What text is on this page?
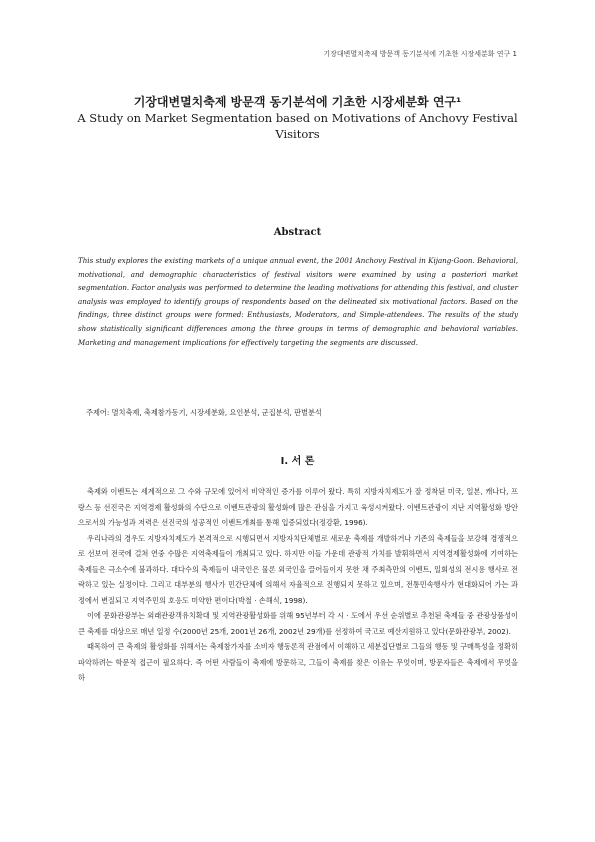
기장대변멸치축제 방문객 동기분석에 기초한 시장세분화 연구 1

기장대변멸치축제 방문객 동기분석에 기초한 시장세분화 연구¹

A Study on Market Segmentation based on Motivations of Anchovy Festival Visitors

Abstract

This study explores the existing markets of a unique annual event, the 2001 Anchovy Festival in Kijang-Goon. Behavioral, motivational, and demographic characteristics of festival visitors were examined by using a posteriori market segmentation. Factor analysis was performed to determine the leading motivations for attending this festival, and cluster analysis was employed to identify groups of respondents based on the delineated six motivational factors. Based on the findings, three distinct groups were formed: Enthusiasts, Moderators, and Simple-attendees. The results of the study show statistically significant differences among the three groups in terms of demographic and behavioral variables. Marketing and management implications for effectively targeting the segments are discussed.

주제어: 멸치축제, 축제참가동기, 시장세분화, 요인분석, 군집분석, 판별분석

Ⅰ. 서 론

축제와 이벤트는 세계적으로 그 수와 규모에 있어서 비약적인 증가를 이루어 왔다. 특히 지방자치제도가 잘 정착된 미국, 일본, 캐나다, 프랑스 등 선진국은 지역경제 활성화의 수단으로 이벤트관광의 활성화에 많은 관심을 가지고 육성시켜왔다. 이벤트관광이 지난 지역활성화 방안으로서의 가능성과 저력은 선진국의 성공적인 이벤트개최를 통해 입증되었다(정강환, 1996).

우리나라의 경우도 지방자치제도가 본격적으로 시행되면서 지방자치단체별로 새로운 축제를 개발하거나 기존의 축제들을 보강해 경쟁적으로 선보여 전국에 걸쳐 연중 수많은 지역축제들이 개최되고 있다. 하지만 이들 가운데 관광적 가치를 발휘하면서 지역경제활성화에 기여하는 축제들은 극소수에 불과하다. 대다수의 축제들이 내국인은 물론 외국인을 끌어들이지 못한 채 주최측만의 이벤트, 일회성의 전시용 행사로 전락하고 있는 실정이다. 그리고 대부분의 행사가 민간단체에 의해서 자율적으로 진행되지 못하고 있으며, 전통민속행사가 현대화되어 가는 과정에서 변질되고 지역주민의 호응도 미약한 편이다(박철 · 손해식, 1998).

이에 문화관광부는 외래관광객유치확대 및 지역관광활성화를 위해 95년부터 각 시 · 도에서 우선 순위별로 추천된 축제들 중 관광상품성이 큰 축제를 대상으로 매년 일정 수(2000년 25개, 2001년 26개, 2002년 29개)를 선정하여 국고로 예산지원하고 있다(문화관광부, 2002).

때목하여 큰 축제의 활성화를 위해서는 축제참가자를 소비자 행동론적 관점에서 이해하고 세분집단별로 그들의 행동 및 구매특성을 정확히 파악하려는 학문적 접근이 필요하다. 즉 어떤 사람들이 축제에 방문하고, 그들이 축제를 찾은 이유는 무엇이며, 방문자들은 축제에서 무엇을 하
